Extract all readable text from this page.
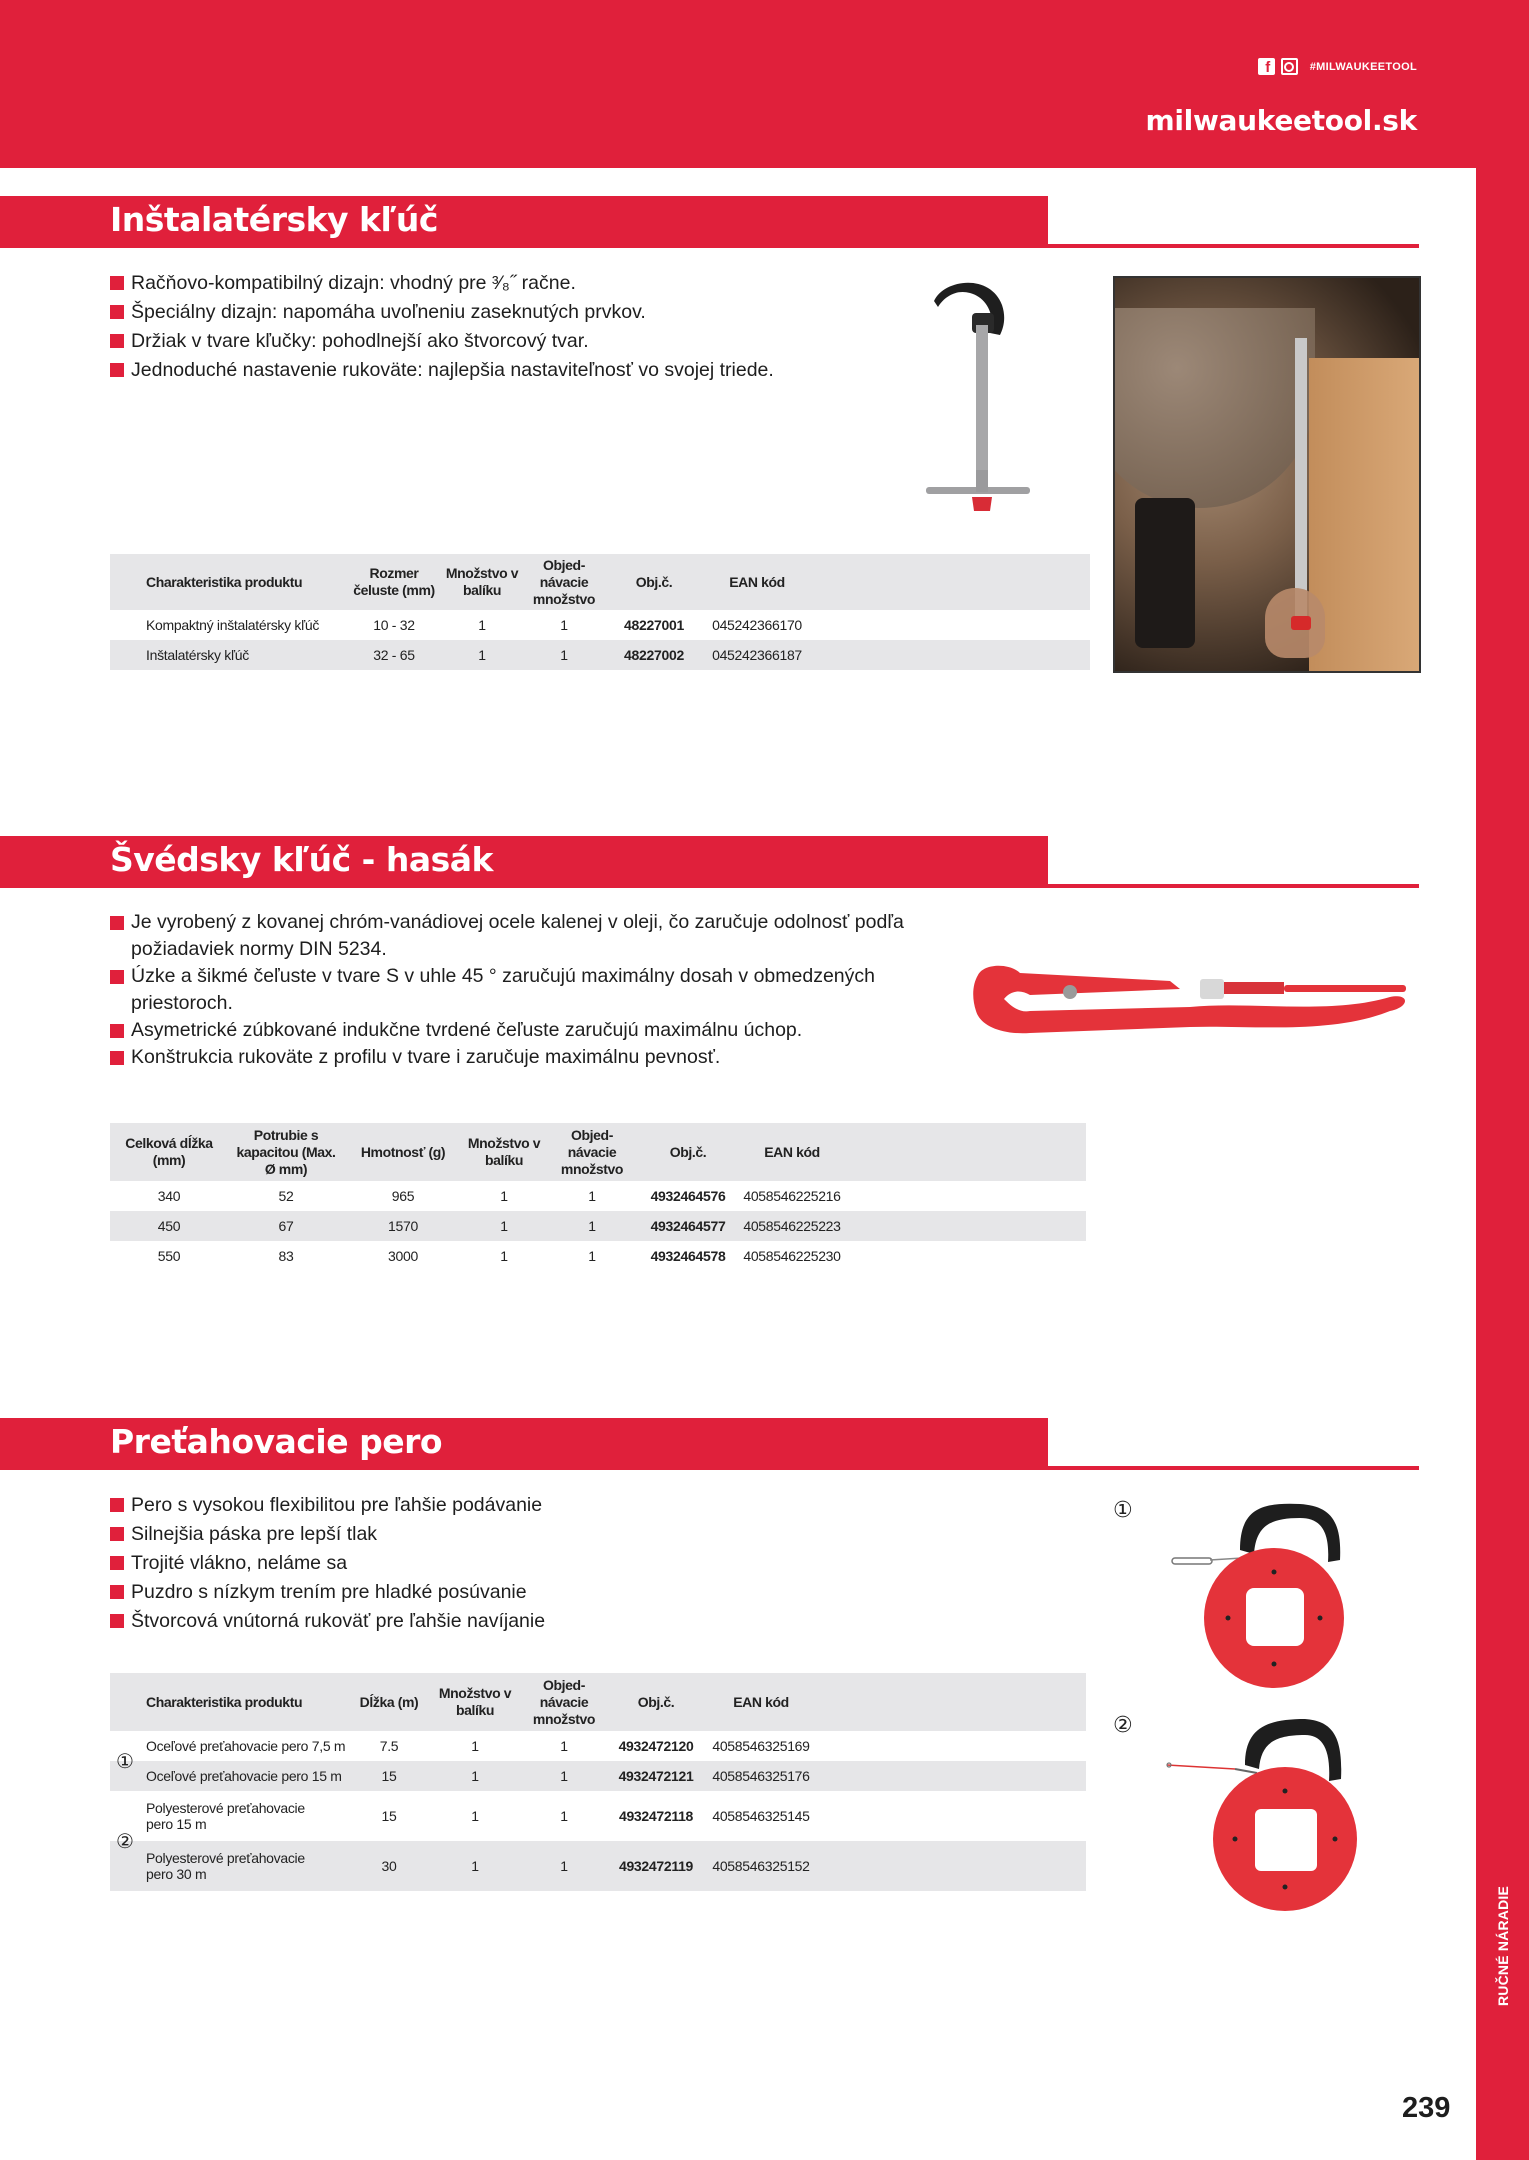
f	#MILWAUKEETOOL
milwaukeetool.sk
RUČNÉ NÁRADIE
239
Inštalatérsky kľúč
Račňovo-kompatibilný dizajn: vhodný pre ³⁄₈˝ račne.
Špeciálny dizajn: napomáha uvoľneniu zaseknutých prvkov.
Držiak v tvare kľučky: pohodlnejší ako štvorcový tvar.
Jednoduché nastavenie rukoväte: najlepšia nastaviteľnosť vo svojej triede.
Charakteristika produktu	Rozmer čeluste (mm)	Množstvo v balíku	Objed-návacie množstvo	Obj.č.	EAN kód	
Kompaktný inštalatérsky kľúč	10 - 32	1	1	48227001	045242366170	
Inštalatérsky kľúč	32 - 65	1	1	48227002	045242366187	
Švédsky kľúč - hasák
Je vyrobený z kovanej chróm-vanádiovej ocele kalenej v oleji, čo zaručuje odolnosť podľa požiadaviek normy DIN 5234.
Úzke a šikmé čeľuste v tvare S v uhle 45 ° zaručujú maximálny dosah v obmedzených priestoroch.
Asymetrické zúbkované indukčne tvrdené čeľuste zaručujú maximálnu úchop.
Konštrukcia rukoväte z profilu v tvare i zaručuje maximálnu pevnosť.
Celková dĺžka (mm)	Potrubie s kapacitou (Max. Ø mm)	Hmotnosť (g)	Množstvo v balíku	Objed-návacie množstvo	Obj.č.	EAN kód	
340	52	965	1	1	4932464576	4058546225216	
450	67	1570	1	1	4932464577	4058546225223	
550	83	3000	1	1	4932464578	4058546225230	
Preťahovacie pero
Pero s vysokou flexibilitou pre ľahšie podávanie
Silnejšia páska pre lepší tlak
Trojité vlákno, neláme sa
Puzdro s nízkym trením pre hladké posúvanie
Štvorcová vnútorná rukoväť pre ľahšie navíjanie
①
②
Charakteristika produktu	Dĺžka (m)	Množstvo v balíku	Objed-návacie množstvo	Obj.č.	EAN kód	
Oceľové preťahovacie pero 7,5 m	7.5	1	1	4932472120	4058546325169	
Oceľové preťahovacie pero 15 m	15	1	1	4932472121	4058546325176	
Polyesterové preťahovacie pero 15 m	15	1	1	4932472118	4058546325145	
Polyesterové preťahovacie pero 30 m	30	1	1	4932472119	4058546325152	
①
②
